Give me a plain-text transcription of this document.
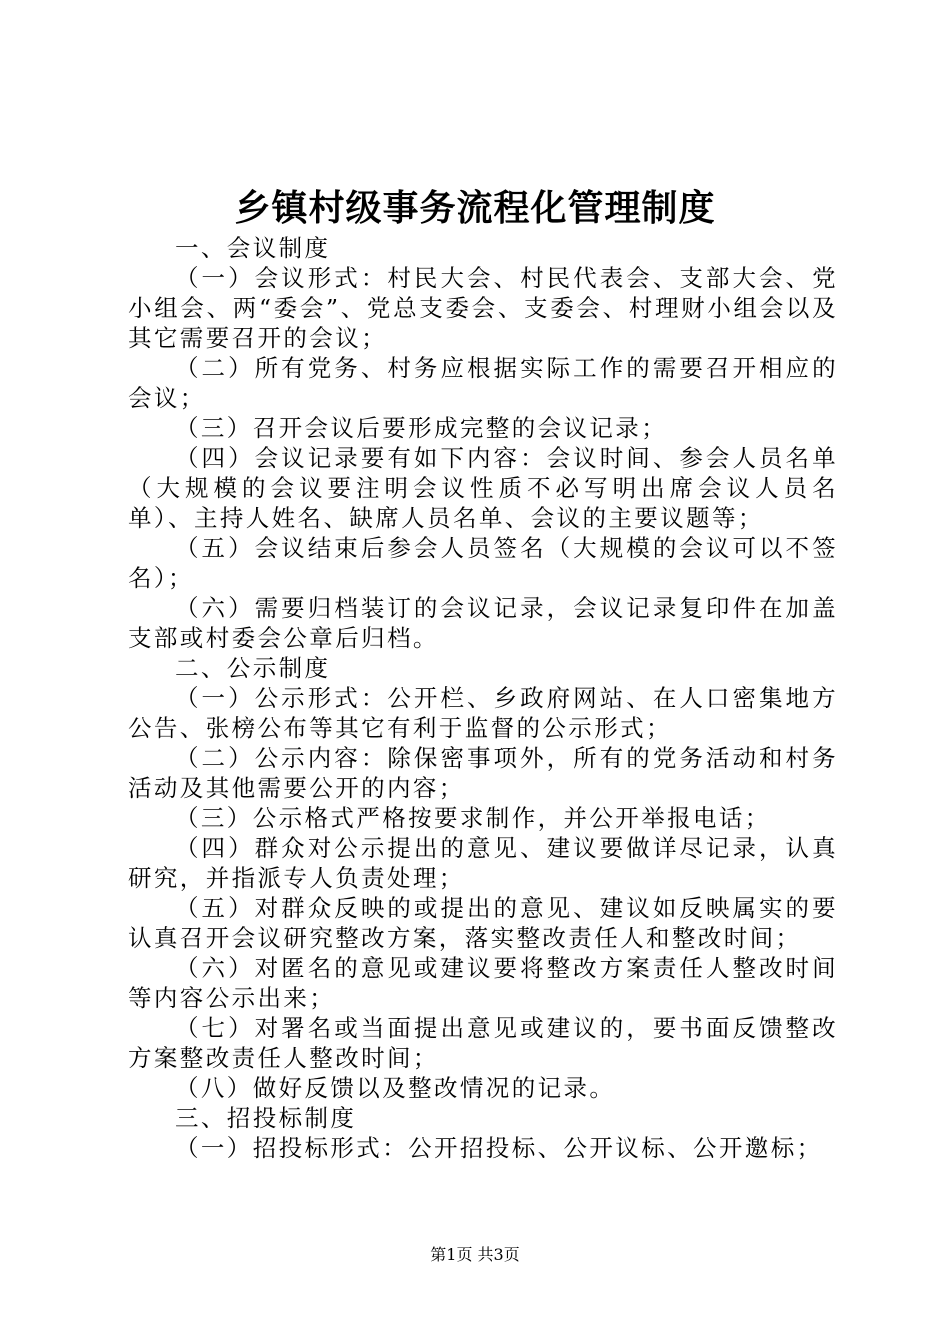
乡镇村级事务流程化管理制度

一、会议制度

（一）会议形式：村民大会、村民代表会、支部大会、党小组会、两“委会”、党总支委会、支委会、村理财小组会以及其它需要召开的会议；

（二）所有党务、村务应根据实际工作的需要召开相应的会议；

（三）召开会议后要形成完整的会议记录；

（四）会议记录要有如下内容：会议时间、参会人员名单（大规模的会议要注明会议性质不必写明出席会议人员名单）、主持人姓名、缺席人员名单、会议的主要议题等；

（五）会议结束后参会人员签名（大规模的会议可以不签名）；

（六）需要归档装订的会议记录，会议记录复印件在加盖支部或村委会公章后归档。

二、公示制度

（一）公示形式：公开栏、乡政府网站、在人口密集地方公告、张榜公布等其它有利于监督的公示形式；

（二）公示内容：除保密事项外，所有的党务活动和村务活动及其他需要公开的内容；

（三）公示格式严格按要求制作，并公开举报电话；

（四）群众对公示提出的意见、建议要做详尽记录，认真研究，并指派专人负责处理；

（五）对群众反映的或提出的意见、建议如反映属实的要认真召开会议研究整改方案，落实整改责任人和整改时间；

（六）对匿名的意见或建议要将整改方案责任人整改时间等内容公示出来；

（七）对署名或当面提出意见或建议的，要书面反馈整改方案整改责任人整改时间；

（八）做好反馈以及整改情况的记录。

三、招投标制度

（一）招投标形式：公开招投标、公开议标、公开邀标；

第1页 共3页
